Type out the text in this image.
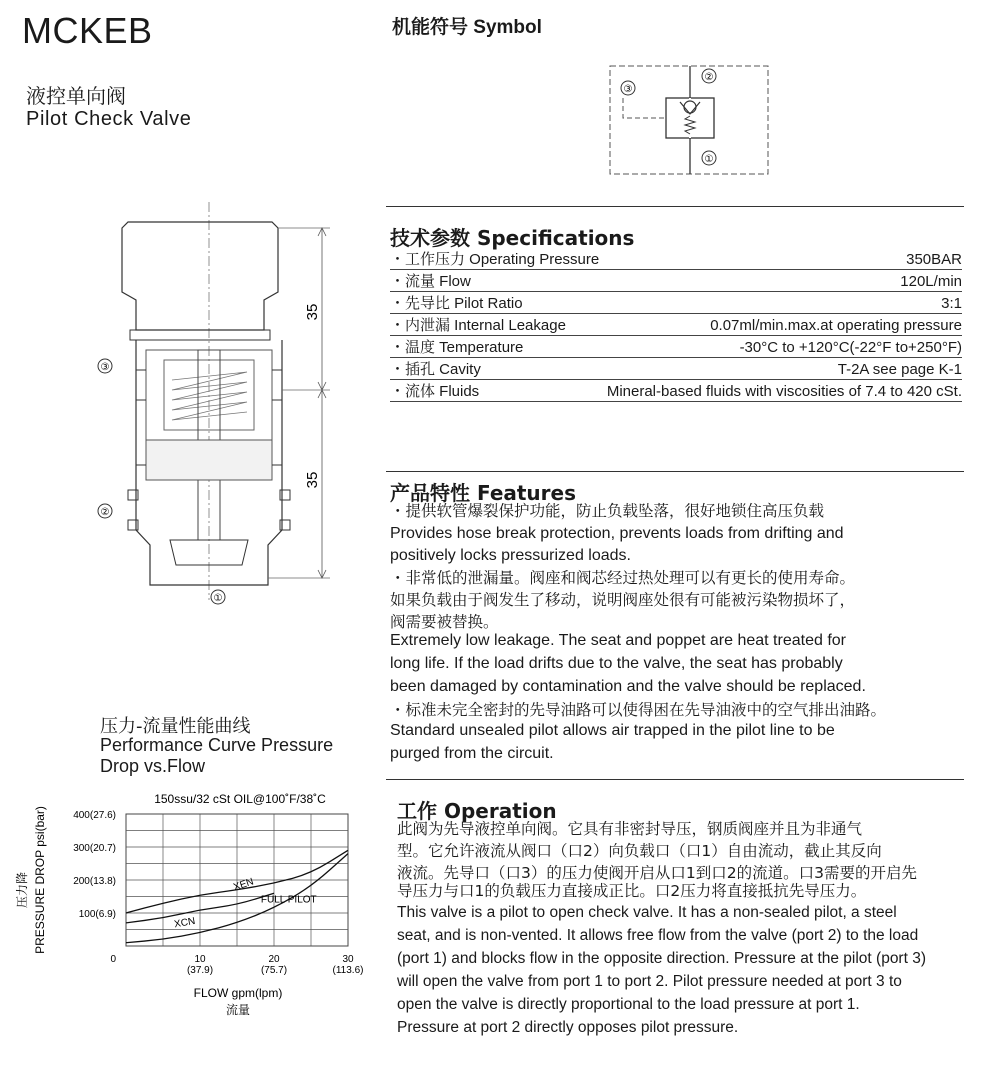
MCKEB
液控单向阀
Pilot Check Valve
机能符号 Symbol
③
②
①
35
35
③
②
①
技术参数 Specifications
・工作压力 Operating Pressure	350BAR
・流量 Flow	120L/min
・先导比 Pilot Ratio	3:1
・内泄漏 Internal Leakage	0.07ml/min.max.at operating pressure
・温度 Temperature	-30°C to +120°C(-22°F to+250°F)
・插孔 Cavity	T-2A see page K-1
・流体 Fluids	Mineral-based fluids with viscosities of 7.4 to 420 cSt.
产品特性 Features
・提供软管爆裂保护功能，防止负载坠落，很好地锁住高压负载
Provides hose break protection, prevents loads from drifting and
positively locks pressurized loads.
・非常低的泄漏量。阀座和阀芯经过热处理可以有更长的使用寿命。
如果负载由于阀发生了移动，说明阀座处很有可能被污染物损坏了，
阀需要被替换。
Extremely low leakage. The seat and poppet are heat treated for
long life. If the load drifts due to the valve, the seat has probably
been damaged by contamination and the valve should be replaced.
・标准未完全密封的先导油路可以使得困在先导油液中的空气排出油路。
Standard unsealed pilot allows air trapped in the pilot line to be
purged from the circuit.
工作 Operation
此阀为先导液控单向阀。它具有非密封导压，钢质阀座并且为非通气
型。它允许液流从阀口（口2）向负载口（口1）自由流动，截止其反向
液流。先导口（口3）的压力使阀开启从口1到口2的流道。口3需要的开启先
导压力与口1的负载压力直接成正比。口2压力将直接抵抗先导压力。
This valve is a pilot to open check valve. It has a non-sealed pilot, a steel
seat, and is non-vented. It allows free flow from the valve (port 2) to the load
(port 1) and blocks flow in the opposite direction. Pressure at the pilot (port 3)
will open the valve from port 1 to port 2. Pilot pressure needed at port 3 to
open the valve is directly proportional to the load pressure at port 1.
Pressure at port 2 directly opposes pilot pressure.
压力-流量性能曲线
Performance Curve Pressure
Drop vs.Flow
150ssu/32 cSt OIL@100˚F/38˚C
压力降 PRESSURE DROP psi(bar)
FLOW gpm(lpm)
流量
0
100(6.9)
200(13.8)
300(20.7)
400(27.6)
10
(37.9)
20
(75.7)
30
(113.6)
XEN
FULL PILOT
XCN
